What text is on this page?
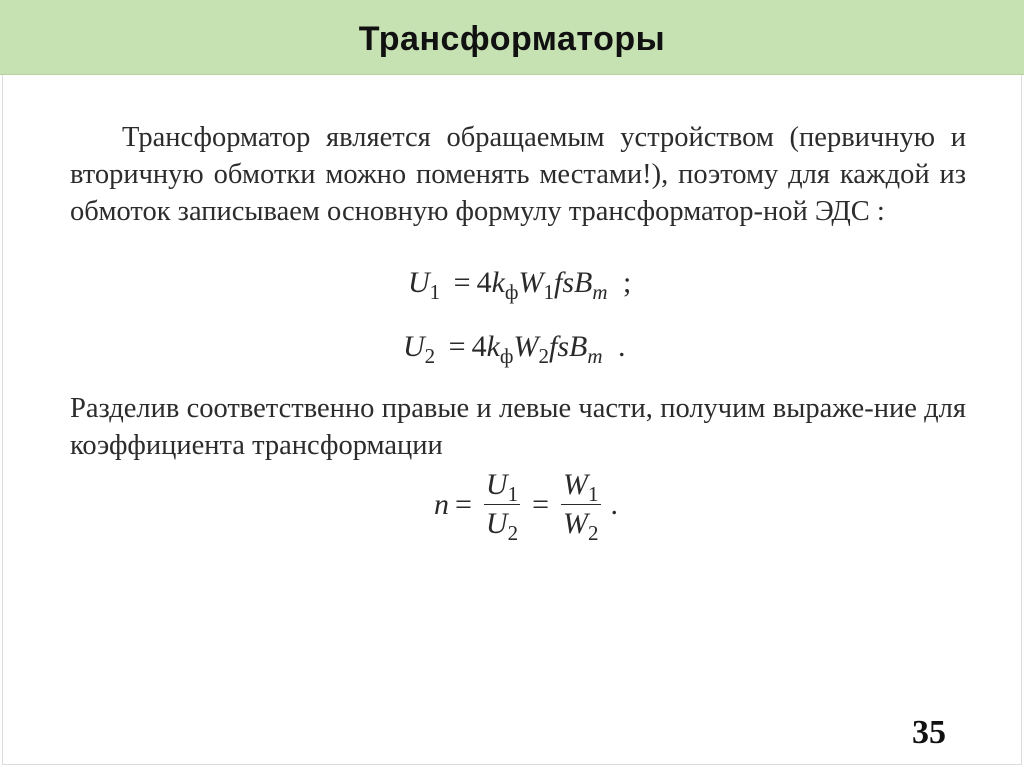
Трансформаторы

Трансформатор является обращаемым устройством (первичную и вторичную обмотки можно поменять местами!), поэтому для каждой из обмоток записываем основную формулу трансформатор-ной ЭДС :

$U_1 = 4k_фW_1fsB_m$ ;
$U_2 = 4k_фW_2fsB_m$ .

Разделив соответственно правые и левые части, получим выраже-ние для коэффициента трансформации

$n = \frac{U_1}{U_2} = \frac{W_1}{W_2}$ .
35
